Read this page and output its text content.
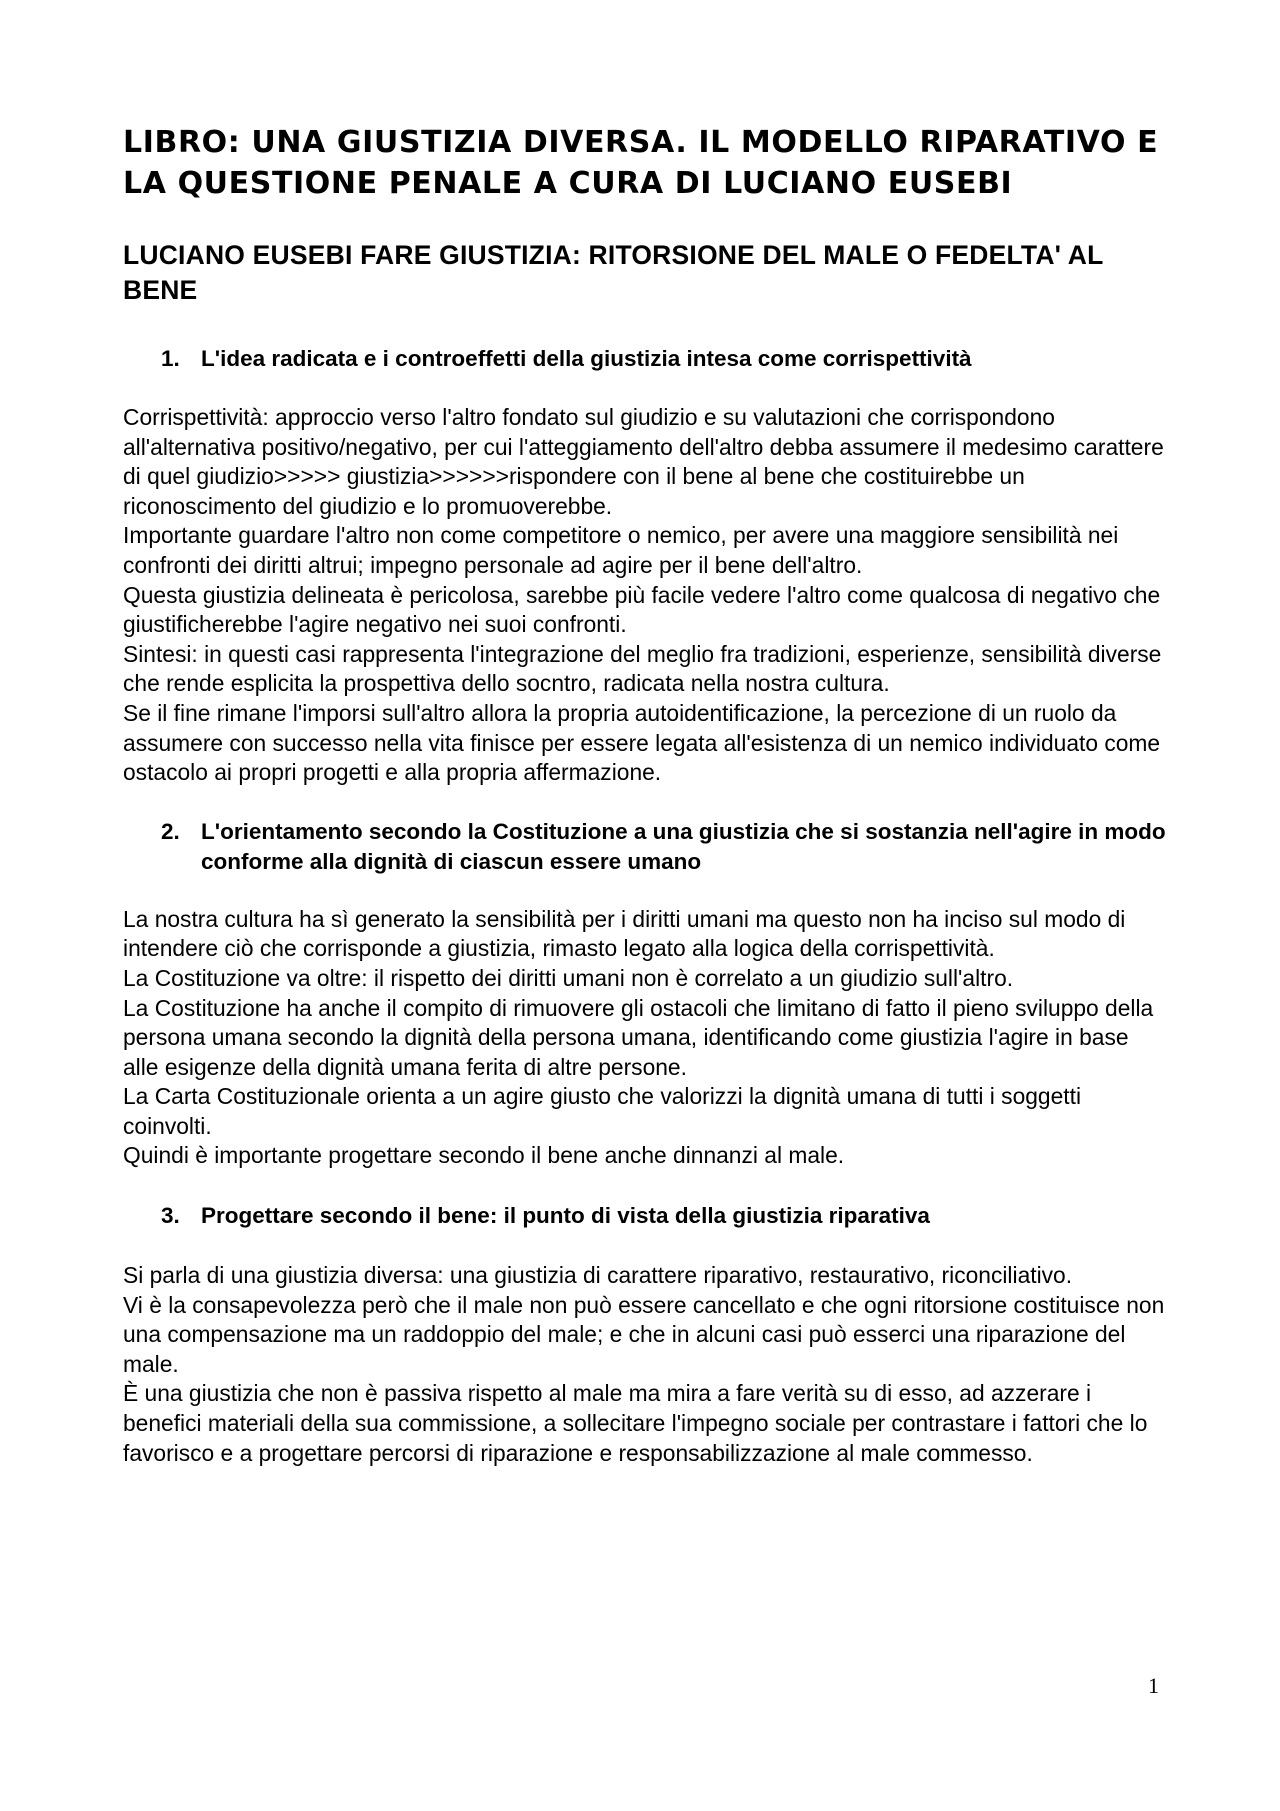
LIBRO: UNA GIUSTIZIA DIVERSA. IL MODELLO RIPARATIVO E LA QUESTIONE PENALE A CURA DI LUCIANO EUSEBI
LUCIANO EUSEBI FARE GIUSTIZIA: RITORSIONE DEL MALE O FEDELTA' AL BENE
1. L'idea radicata e i controeffetti della giustizia intesa come corrispettività

Corrispettività: approccio verso l'altro fondato sul giudizio e su valutazioni che corrispondono all'alternativa positivo/negativo, per cui l'atteggiamento dell'altro debba assumere il medesimo carattere di quel giudizio>>>>> giustizia>>>>>>rispondere con il bene al bene che costituirebbe un riconoscimento del giudizio e lo promuoverebbe.
Importante guardare l'altro non come competitore o nemico, per avere una maggiore sensibilità nei confronti dei diritti altrui; impegno personale ad agire per il bene dell'altro.
Questa giustizia delineata è pericolosa, sarebbe più facile vedere l'altro come qualcosa di negativo che giustificherebbe l'agire negativo nei suoi confronti.
Sintesi: in questi casi rappresenta l'integrazione del meglio fra tradizioni, esperienze, sensibilità diverse che rende esplicita la prospettiva dello socntro, radicata nella nostra cultura.
Se il fine rimane l'imporsi sull'altro allora la propria autoidentificazione, la percezione di un ruolo da assumere con successo nella vita finisce per essere legata all'esistenza di un nemico individuato come ostacolo ai propri progetti e alla propria affermazione.

2. L'orientamento secondo la Costituzione a una giustizia che si sostanzia nell'agire in modo conforme alla dignità di ciascun essere umano

La nostra cultura ha sì generato la sensibilità per i diritti umani ma questo non ha inciso sul modo di intendere ciò che corrisponde a giustizia, rimasto legato alla logica della corrispettività.
La Costituzione va oltre: il rispetto dei diritti umani non è correlato a un giudizio sull'altro.
La Costituzione ha anche il compito di rimuovere gli ostacoli che limitano di fatto il pieno sviluppo della persona umana secondo la dignità della persona umana, identificando come giustizia l'agire in base alle esigenze della dignità umana ferita di altre persone.
La Carta Costituzionale orienta a un agire giusto che valorizzi la dignità umana di tutti i soggetti coinvolti.
Quindi è importante progettare secondo il bene anche dinnanzi al male.

3. Progettare secondo il bene: il punto di vista della giustizia riparativa

Si parla di una giustizia diversa: una giustizia di carattere riparativo, restaurativo, riconciliativo.
Vi è la consapevolezza però che il male non può essere cancellato e che ogni ritorsione costituisce non una compensazione ma un raddoppio del male; e che in alcuni casi può esserci una riparazione del male.
È una giustizia che non è passiva rispetto al male ma mira a fare verità su di esso, ad azzerare i benefici materiali della sua commissione, a sollecitare l'impegno sociale per contrastare i fattori che lo favorisco e a progettare percorsi di riparazione e responsabilizzazione al male commesso.

1
